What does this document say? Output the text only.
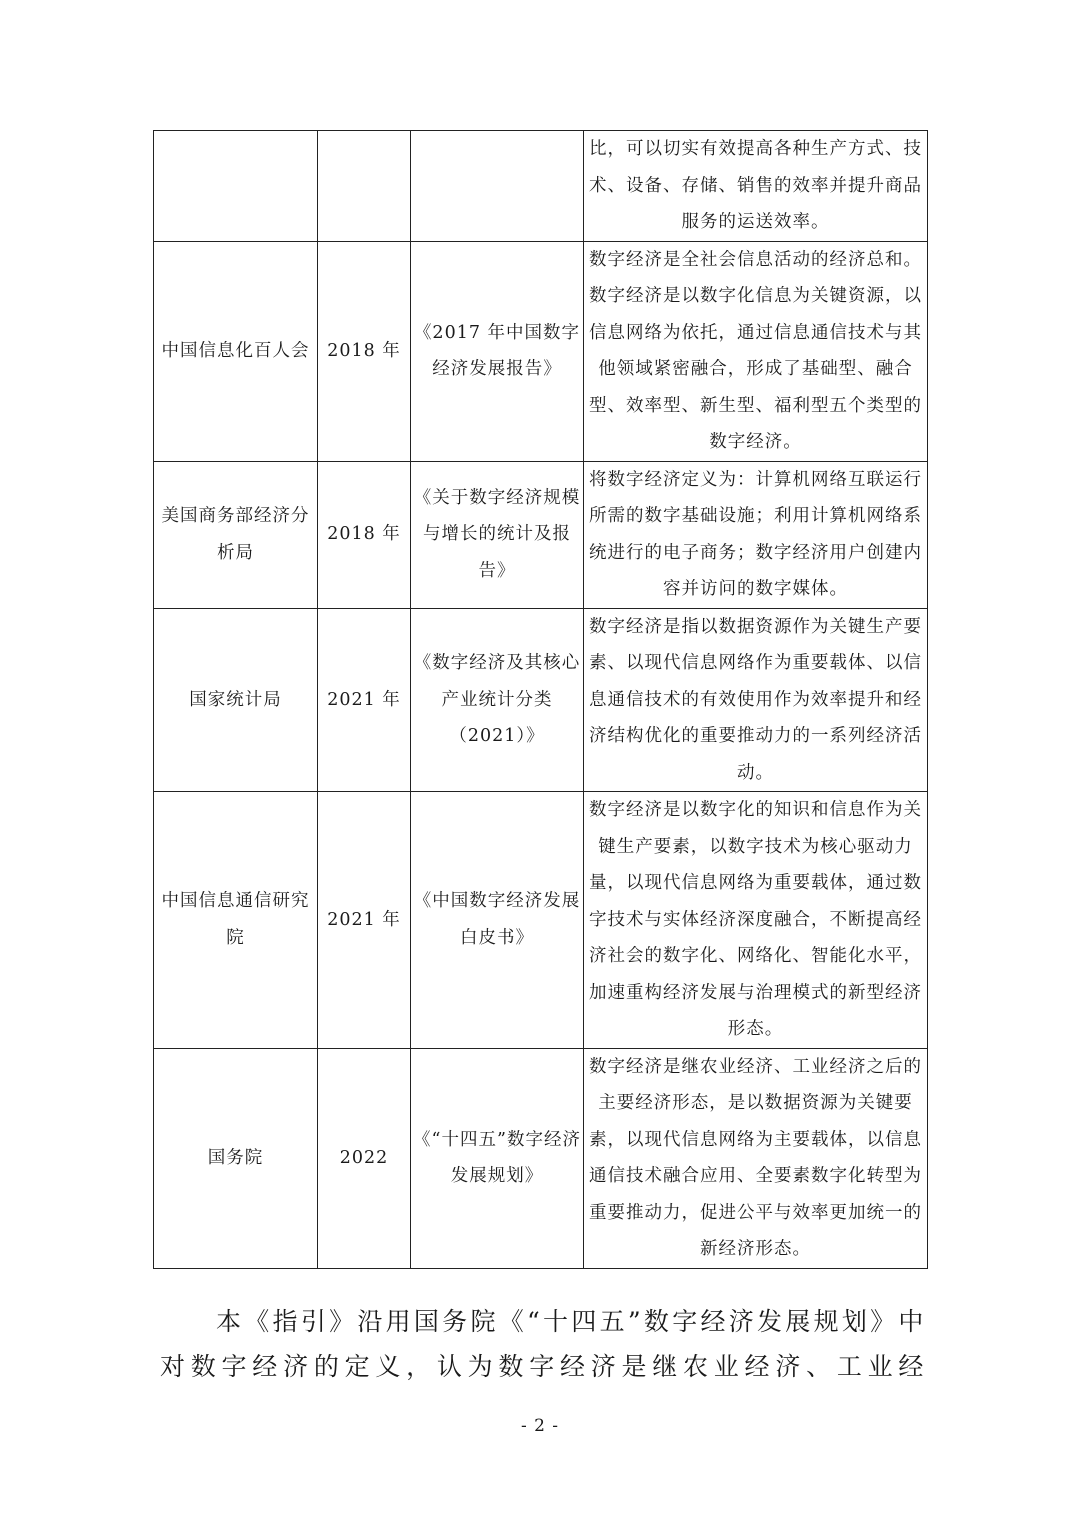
			比，可以切实有效提高各种生产方式、技术、设备、存储、销售的效率并提升商品服务的运送效率。

中国信息化百人会	2018 年	《2017 年中国数字经济发展报告》	数字经济是全社会信息活动的经济总和。数字经济是以数字化信息为关键资源，以信息网络为依托，通过信息通信技术与其他领域紧密融合，形成了基础型、融合型、效率型、新生型、福利型五个类型的数字经济。

美国商务部经济分析局	2018 年	《关于数字经济规模与增长的统计及报告》	将数字经济定义为：计算机网络互联运行所需的数字基础设施；利用计算机网络系统进行的电子商务；数字经济用户创建内容并访问的数字媒体。

国家统计局	2021 年	《数字经济及其核心产业统计分类（2021）》	数字经济是指以数据资源作为关键生产要素、以现代信息网络作为重要载体、以信息通信技术的有效使用作为效率提升和经济结构优化的重要推动力的一系列经济活动。

中国信息通信研究院	2021 年	《中国数字经济发展白皮书》	数字经济是以数字化的知识和信息作为关键生产要素，以数字技术为核心驱动力量，以现代信息网络为重要载体，通过数字技术与实体经济深度融合，不断提高经济社会的数字化、网络化、智能化水平，加速重构经济发展与治理模式的新型经济形态。

国务院	2022	《“十四五”数字经济发展规划》	数字经济是继农业经济、工业经济之后的主要经济形态，是以数据资源为关键要素，以现代信息网络为主要载体，以信息通信技术融合应用、全要素数字化转型为重要推动力，促进公平与效率更加统一的新经济形态。

本《指引》沿用国务院《“十四五”数字经济发展规划》中对数字经济的定义，认为数字经济是继农业经济、工业经

- 2 -
